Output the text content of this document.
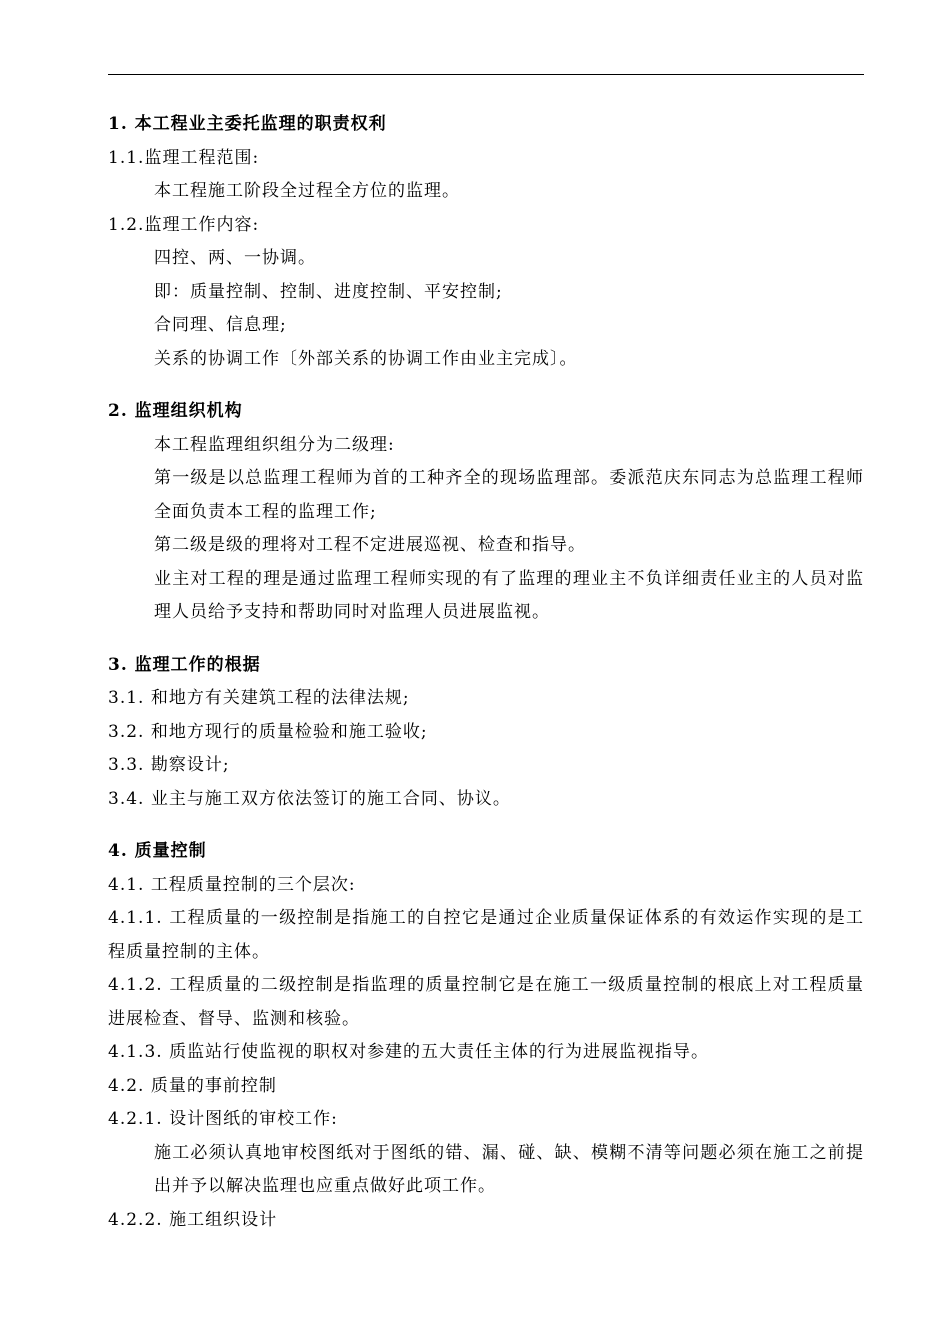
1. 本工程业主委托监理的职责权利
1.1.监理工程范围:
本工程施工阶段全过程全方位的监理。
1.2.监理工作内容:
四控、两、一协调。
即：质量控制、控制、进度控制、平安控制;
合同理、信息理;
关系的协调工作〔外部关系的协调工作由业主完成〕。
2. 监理组织机构
本工程监理组织组分为二级理:
第一级是以总监理工程师为首的工种齐全的现场监理部。委派范庆东同志为总监理工程师全面负责本工程的监理工作;
第二级是级的理将对工程不定进展巡视、检查和指导。
业主对工程的理是通过监理工程师实现的有了监理的理业主不负详细责任业主的人员对监理人员给予支持和帮助同时对监理人员进展监视。
3. 监理工作的根据
3.1. 和地方有关建筑工程的法律法规;
3.2. 和地方现行的质量检验和施工验收;
3.3. 勘察设计;
3.4. 业主与施工双方依法签订的施工合同、协议。
4. 质量控制
4.1. 工程质量控制的三个层次:
4.1.1. 工程质量的一级控制是指施工的自控它是通过企业质量保证体系的有效运作实现的是工程质量控制的主体。
4.1.2. 工程质量的二级控制是指监理的质量控制它是在施工一级质量控制的根底上对工程质量进展检查、督导、监测和核验。
4.1.3. 质监站行使监视的职权对参建的五大责任主体的行为进展监视指导。
4.2. 质量的事前控制
4.2.1. 设计图纸的审校工作:
施工必须认真地审校图纸对于图纸的错、漏、碰、缺、模糊不清等问题必须在施工之前提出并予以解决监理也应重点做好此项工作。
4.2.2. 施工组织设计
